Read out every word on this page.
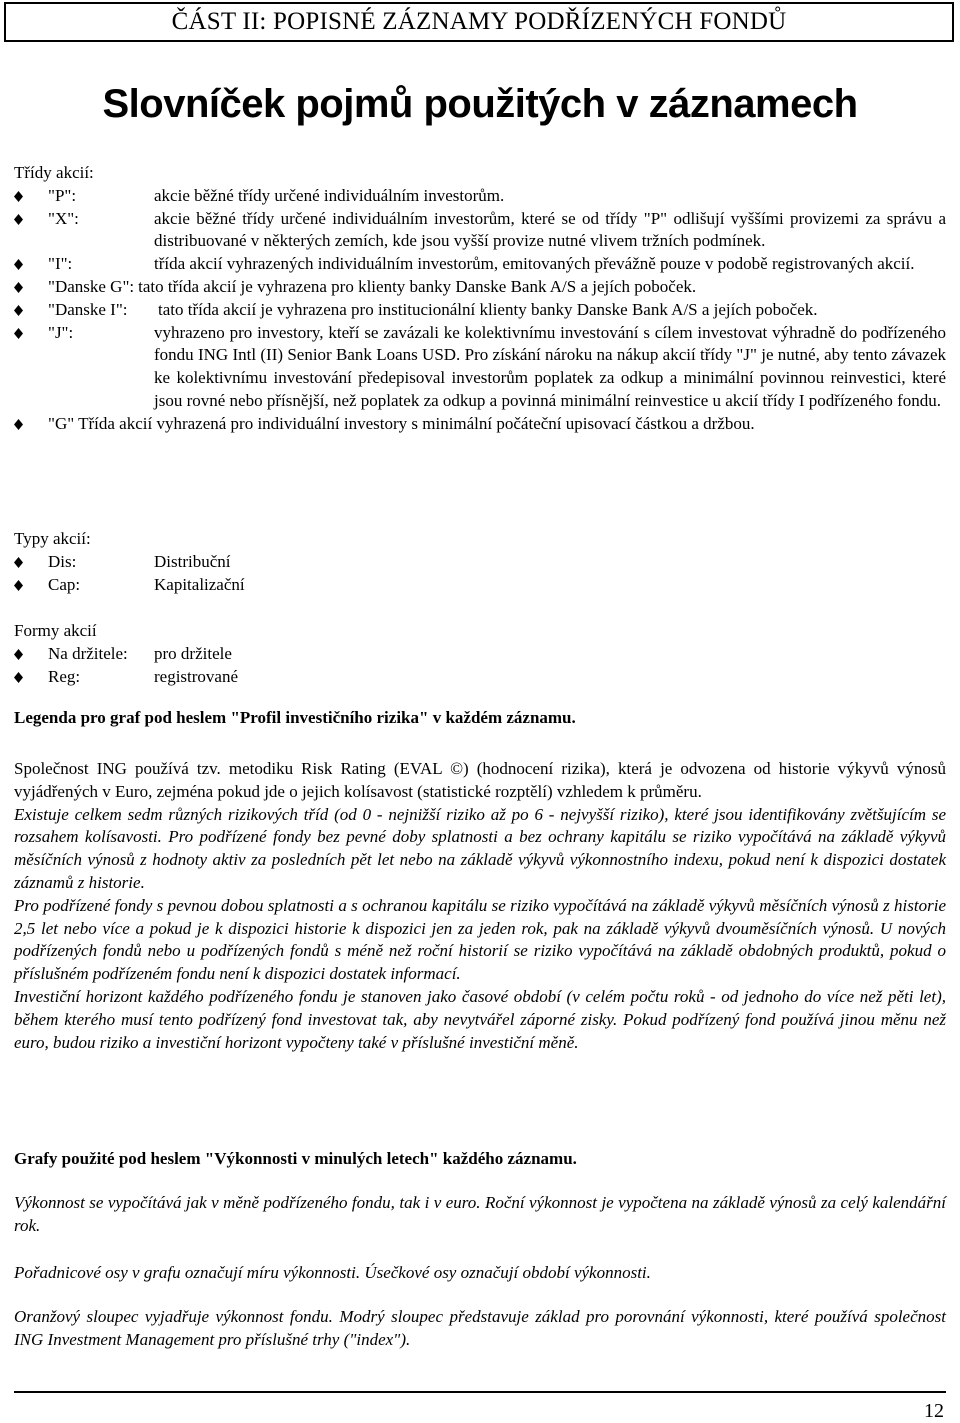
ČÁST II: POPISNÉ ZÁZNAMY PODŘÍZENÝCH FONDŮ
Slovníček pojmů použitých v záznamech
Třídy akcií:
"P":	akcie běžné třídy určené individuálním investorům.
"X":	akcie běžné třídy určené individuálním investorům, které se od třídy "P" odlišují vyššími provizemi za správu a distribuované v některých zemích, kde jsou vyšší provize nutné vlivem tržních podmínek.
"I":	třída akcií vyhrazených individuálním investorům, emitovaných převážně pouze v podobě registrovaných akcií.
"Danske G": tato třída akcií je vyhrazena pro klienty banky Danske Bank A/S a jejích poboček.
"Danske I":	tato třída akcií je vyhrazena pro institucionální klienty banky Danske Bank A/S a jejích poboček.
"J":	vyhrazeno pro investory, kteří se zavázali ke kolektivnímu investování s cílem investovat výhradně do podřízeného fondu ING Intl (II) Senior Bank Loans USD. Pro získání nároku na nákup akcií třídy "J" je nutné, aby tento závazek ke kolektivnímu investování předepisoval investorům poplatek za odkup a minimální povinnou reinvestici, které jsou rovné nebo přísnější, než poplatek za odkup a povinná minimální reinvestice u akcií třídy I podřízeného fondu.
"G" Třída akcií vyhrazená pro individuální investory s minimální počáteční upisovací částkou a držbou.
Typy akcií:
Dis:	Distribuční
Cap:	Kapitalizační
Formy akcií
Na držitele:	pro držitele
Reg:	registrované
Legenda pro graf pod heslem "Profil investičního rizika" v každém záznamu.
Společnost ING používá tzv. metodiku Risk Rating (EVAL ©) (hodnocení rizika), která je odvozena od historie výkyvů výnosů vyjádřených v Euro, zejména pokud jde o jejich kolísavost (statistické rozptělí) vzhledem k průměru.
Existuje celkem sedm různých rizikových tříd (od 0 - nejnižší riziko až po 6 - nejvyšší riziko), které jsou identifikovány zvětšujícím se rozsahem kolísavosti. Pro podřízené fondy bez pevné doby splatnosti a bez ochrany kapitálu se riziko vypočítává na základě výkyvů měsíčních výnosů z hodnoty aktiv za posledních pět let nebo na základě výkyvů výkonnostního indexu, pokud není k dispozici dostatek záznamů z historie.
Pro podřízené fondy s pevnou dobou splatnosti a s ochranou kapitálu se riziko vypočítává na základě výkyvů měsíčních výnosů z historie 2,5 let nebo více a pokud je k dispozici historie k dispozici jen za jeden rok, pak na základě výkyvů dvouměsíčních výnosů. U nových podřízených fondů nebo u podřízených fondů s méně než roční historií se riziko vypočítává na základě obdobných produktů, pokud o příslušném podřízeném fondu není k dispozici dostatek informací.
Investiční horizont každého podřízeného fondu je stanoven jako časové období (v celém počtu roků - od jednoho do více než pěti let), během kterého musí tento podřízený fond investovat tak, aby nevytvářel záporné zisky. Pokud podřízený fond používá jinou měnu než euro, budou riziko a investiční horizont vypočteny také v příslušné investiční měně.
Grafy použité pod heslem "Výkonnosti v minulých letech" každého záznamu.
Výkonnost se vypočítává jak v měně podřízeného fondu, tak i v euro. Roční výkonnost je vypočtena na základě výnosů za celý kalendářní rok.
Pořadnicové osy v grafu označují míru výkonnosti. Úsečkové osy označují období výkonnosti.
Oranžový sloupec vyjadřuje výkonnost fondu. Modrý sloupec představuje základ pro porovnání výkonnosti, které používá společnost ING Investment Management pro příslušné trhy ("index").
12
